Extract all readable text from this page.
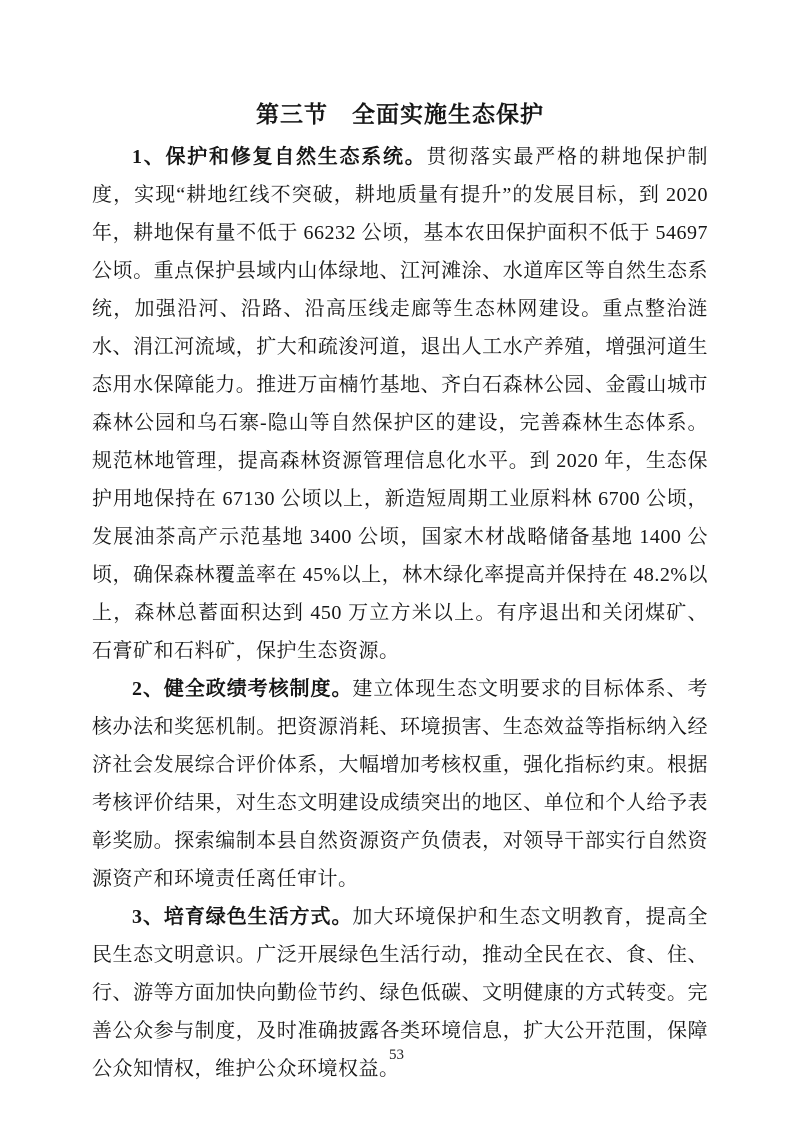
第三节　全面实施生态保护

1、保护和修复自然生态系统。贯彻落实最严格的耕地保护制度，实现“耕地红线不突破，耕地质量有提升”的发展目标，到 2020 年，耕地保有量不低于 66232 公顷，基本农田保护面积不低于 54697 公顷。重点保护县域内山体绿地、江河滩涂、水道库区等自然生态系统，加强沿河、沿路、沿高压线走廊等生态林网建设。重点整治涟水、涓江河流域，扩大和疏浚河道，退出人工水产养殖，增强河道生态用水保障能力。推进万亩楠竹基地、齐白石森林公园、金霞山城市森林公园和乌石寨-隐山等自然保护区的建设，完善森林生态体系。规范林地管理，提高森林资源管理信息化水平。到 2020 年，生态保护用地保持在 67130 公顷以上，新造短周期工业原料林 6700 公顷，发展油茶高产示范基地 3400 公顷，国家木材战略储备基地 1400 公顷，确保森林覆盖率在 45%以上，林木绿化率提高并保持在 48.2%以上，森林总蓄面积达到 450 万立方米以上。有序退出和关闭煤矿、石膏矿和石料矿，保护生态资源。

2、健全政绩考核制度。建立体现生态文明要求的目标体系、考核办法和奖惩机制。把资源消耗、环境损害、生态效益等指标纳入经济社会发展综合评价体系，大幅增加考核权重，强化指标约束。根据考核评价结果，对生态文明建设成绩突出的地区、单位和个人给予表彰奖励。探索编制本县自然资源资产负债表，对领导干部实行自然资源资产和环境责任离任审计。

3、培育绿色生活方式。加大环境保护和生态文明教育，提高全民生态文明意识。广泛开展绿色生活行动，推动全民在衣、食、住、行、游等方面加快向勤俭节约、绿色低碳、文明健康的方式转变。完善公众参与制度，及时准确披露各类环境信息，扩大公开范围，保障公众知情权，维护公众环境权益。

53
